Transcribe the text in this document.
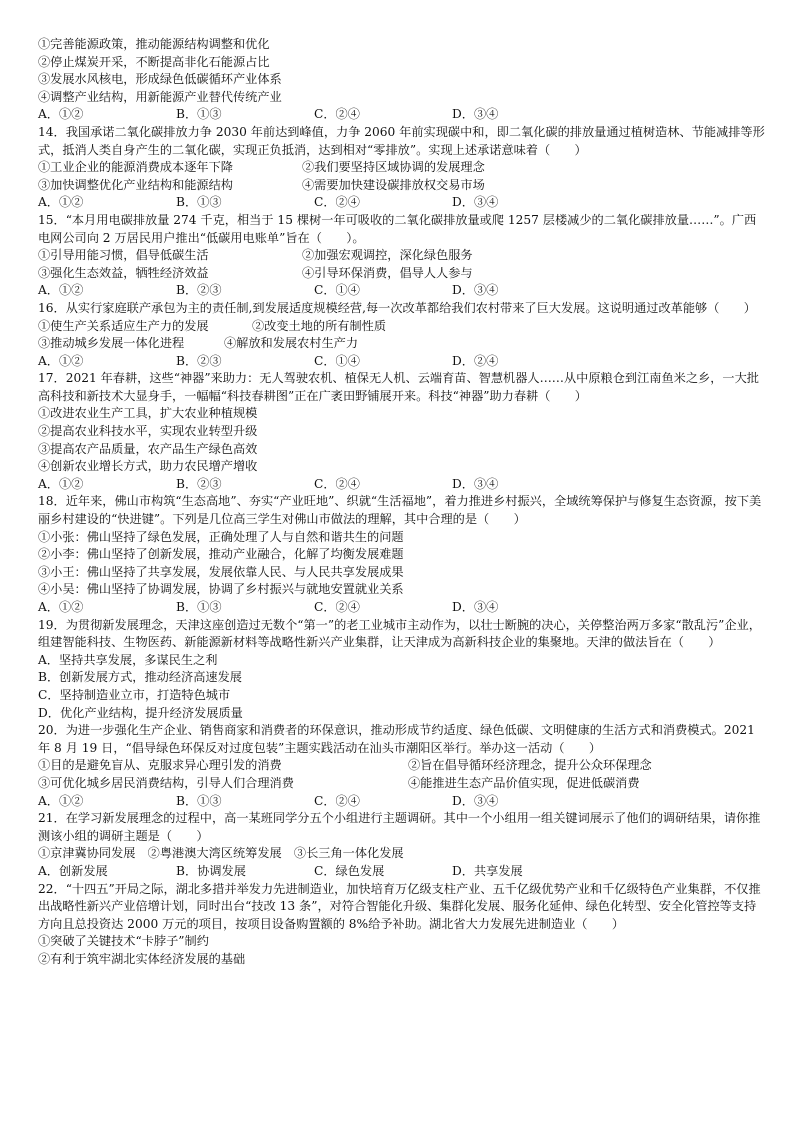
①完善能源政策，推动能源结构调整和优化
②停止煤炭开采，不断提高非化石能源占比
③发展水风核电，形成绿色低碳循环产业体系
④调整产业结构，用新能源产业替代传统产业
A．①②	B．①③	C．②④	D．③④
14．我国承诺二氧化碳排放力争 2030 年前达到峰值，力争 2060 年前实现碳中和，即二氧化碳的排放量通过植树造林、节能减排等形式，抵消人类自身产生的二氧化碳，实现正负抵消，达到相对“零排放”。实现上述承诺意味着（　　）
①工业企业的能源消费成本逐年下降	②我们要坚持区域协调的发展理念
③加快调整优化产业结构和能源结构	④需要加快建设碳排放权交易市场
A．①②	B．①③	C．②④	D．③④
15．“本月用电碳排放量 274 千克，相当于 15 棵树一年可吸收的二氧化碳排放量或爬 1257 层楼减少的二氧化碳排放量……”。广西电网公司向 2 万居民用户推出“低碳用电账单”旨在（　　）。
①引导用能习惯，倡导低碳生活	②加强宏观调控，深化绿色服务
③强化生态效益，牺牲经济效益	④引导环保消费，倡导人人参与
A．①②	B．②③	C．①④	D．③④
16．从实行家庭联产承包为主的责任制,到发展适度规模经营,每一次改革都给我们农村带来了巨大发展。这说明通过改革能够（　　）
①使生产关系适应生产力的发展	②改变土地的所有制性质
③推动城乡发展一体化进程	④解放和发展农村生产力
A．①②	B．②③	C．①④	D．②④
17．2021 年春耕，这些“神器”来助力：无人驾驶农机、植保无人机、云端育苗、智慧机器人……从中原粮仓到江南鱼米之乡，一大批高科技和新技术大显身手，一幅幅“科技春耕图”正在广袤田野铺展开来。科技“神器”助力春耕（　　）
①改进农业生产工具，扩大农业种植规模
②提高农业科技水平，实现农业转型升级
③提高农产品质量，农产品生产绿色高效
④创新农业增长方式，助力农民增产增收
A．①②	B．②③	C．②④	D．③④
18．近年来，佛山市构筑“生态高地”、夯实“产业旺地”、织就“生活福地”，着力推进乡村振兴，全域统筹保护与修复生态资源，按下美丽乡村建设的“快进键”。下列是几位高三学生对佛山市做法的理解，其中合理的是（　　）
①小张：佛山坚持了绿色发展，正确处理了人与自然和谐共生的问题
②小李：佛山坚持了创新发展，推动产业融合，化解了均衡发展难题
③小王：佛山坚持了共享发展，发展依靠人民、与人民共享发展成果
④小吴：佛山坚持了协调发展，协调了乡村振兴与就地安置就业关系
A．①②	B．①③	C．②④	D．③④
19．为贯彻新发展理念，天津这座创造过无数个“第一”的老工业城市主动作为，以壮士断腕的决心，关停整治两万多家“散乱污”企业，组建智能科技、生物医药、新能源新材料等战略性新兴产业集群，让天津成为高新科技企业的集聚地。天津的做法旨在（　　）
A．坚持共享发展，多谋民生之利
B．创新发展方式，推动经济高速发展
C．坚持制造业立市，打造特色城市
D．优化产业结构，提升经济发展质量
20．为进一步强化生产企业、销售商家和消费者的环保意识，推动形成节约适度、绿色低碳、文明健康的生活方式和消费模式。2021 年 8 月 19 日，“倡导绿色环保反对过度包装”主题实践活动在汕头市潮阳区举行。举办这一活动（　　）
①目的是避免盲从、克服求异心理引发的消费	②旨在倡导循环经济理念，提升公众环保理念
③可优化城乡居民消费结构，引导人们合理消费	④能推进生态产品价值实现，促进低碳消费
A．①②	B．①③	C．②④	D．③④
21．在学习新发展理念的过程中，高一某班同学分五个小组进行主题调研。其中一个小组用一组关键词展示了他们的调研结果，请你推测该小组的调研主题是（　　）
①京津冀协同发展　②粤港澳大湾区统筹发展　③长三角一体化发展
A．创新发展	B．协调发展	C．绿色发展	D．共享发展
22．“十四五”开局之际，湖北多措并举发力先进制造业，加快培育万亿级支柱产业、五千亿级优势产业和千亿级特色产业集群，不仅推出战略性新兴产业倍增计划，同时出台“技改 13 条”，对符合智能化升级、集群化发展、服务化延伸、绿色化转型、安全化管控等支持方向且总投资达 2000 万元的项目，按项目设备购置额的 8%给予补助。湖北省大力发展先进制造业（　　）
①突破了关键技术“卡脖子”制约
②有利于筑牢湖北实体经济发展的基础
